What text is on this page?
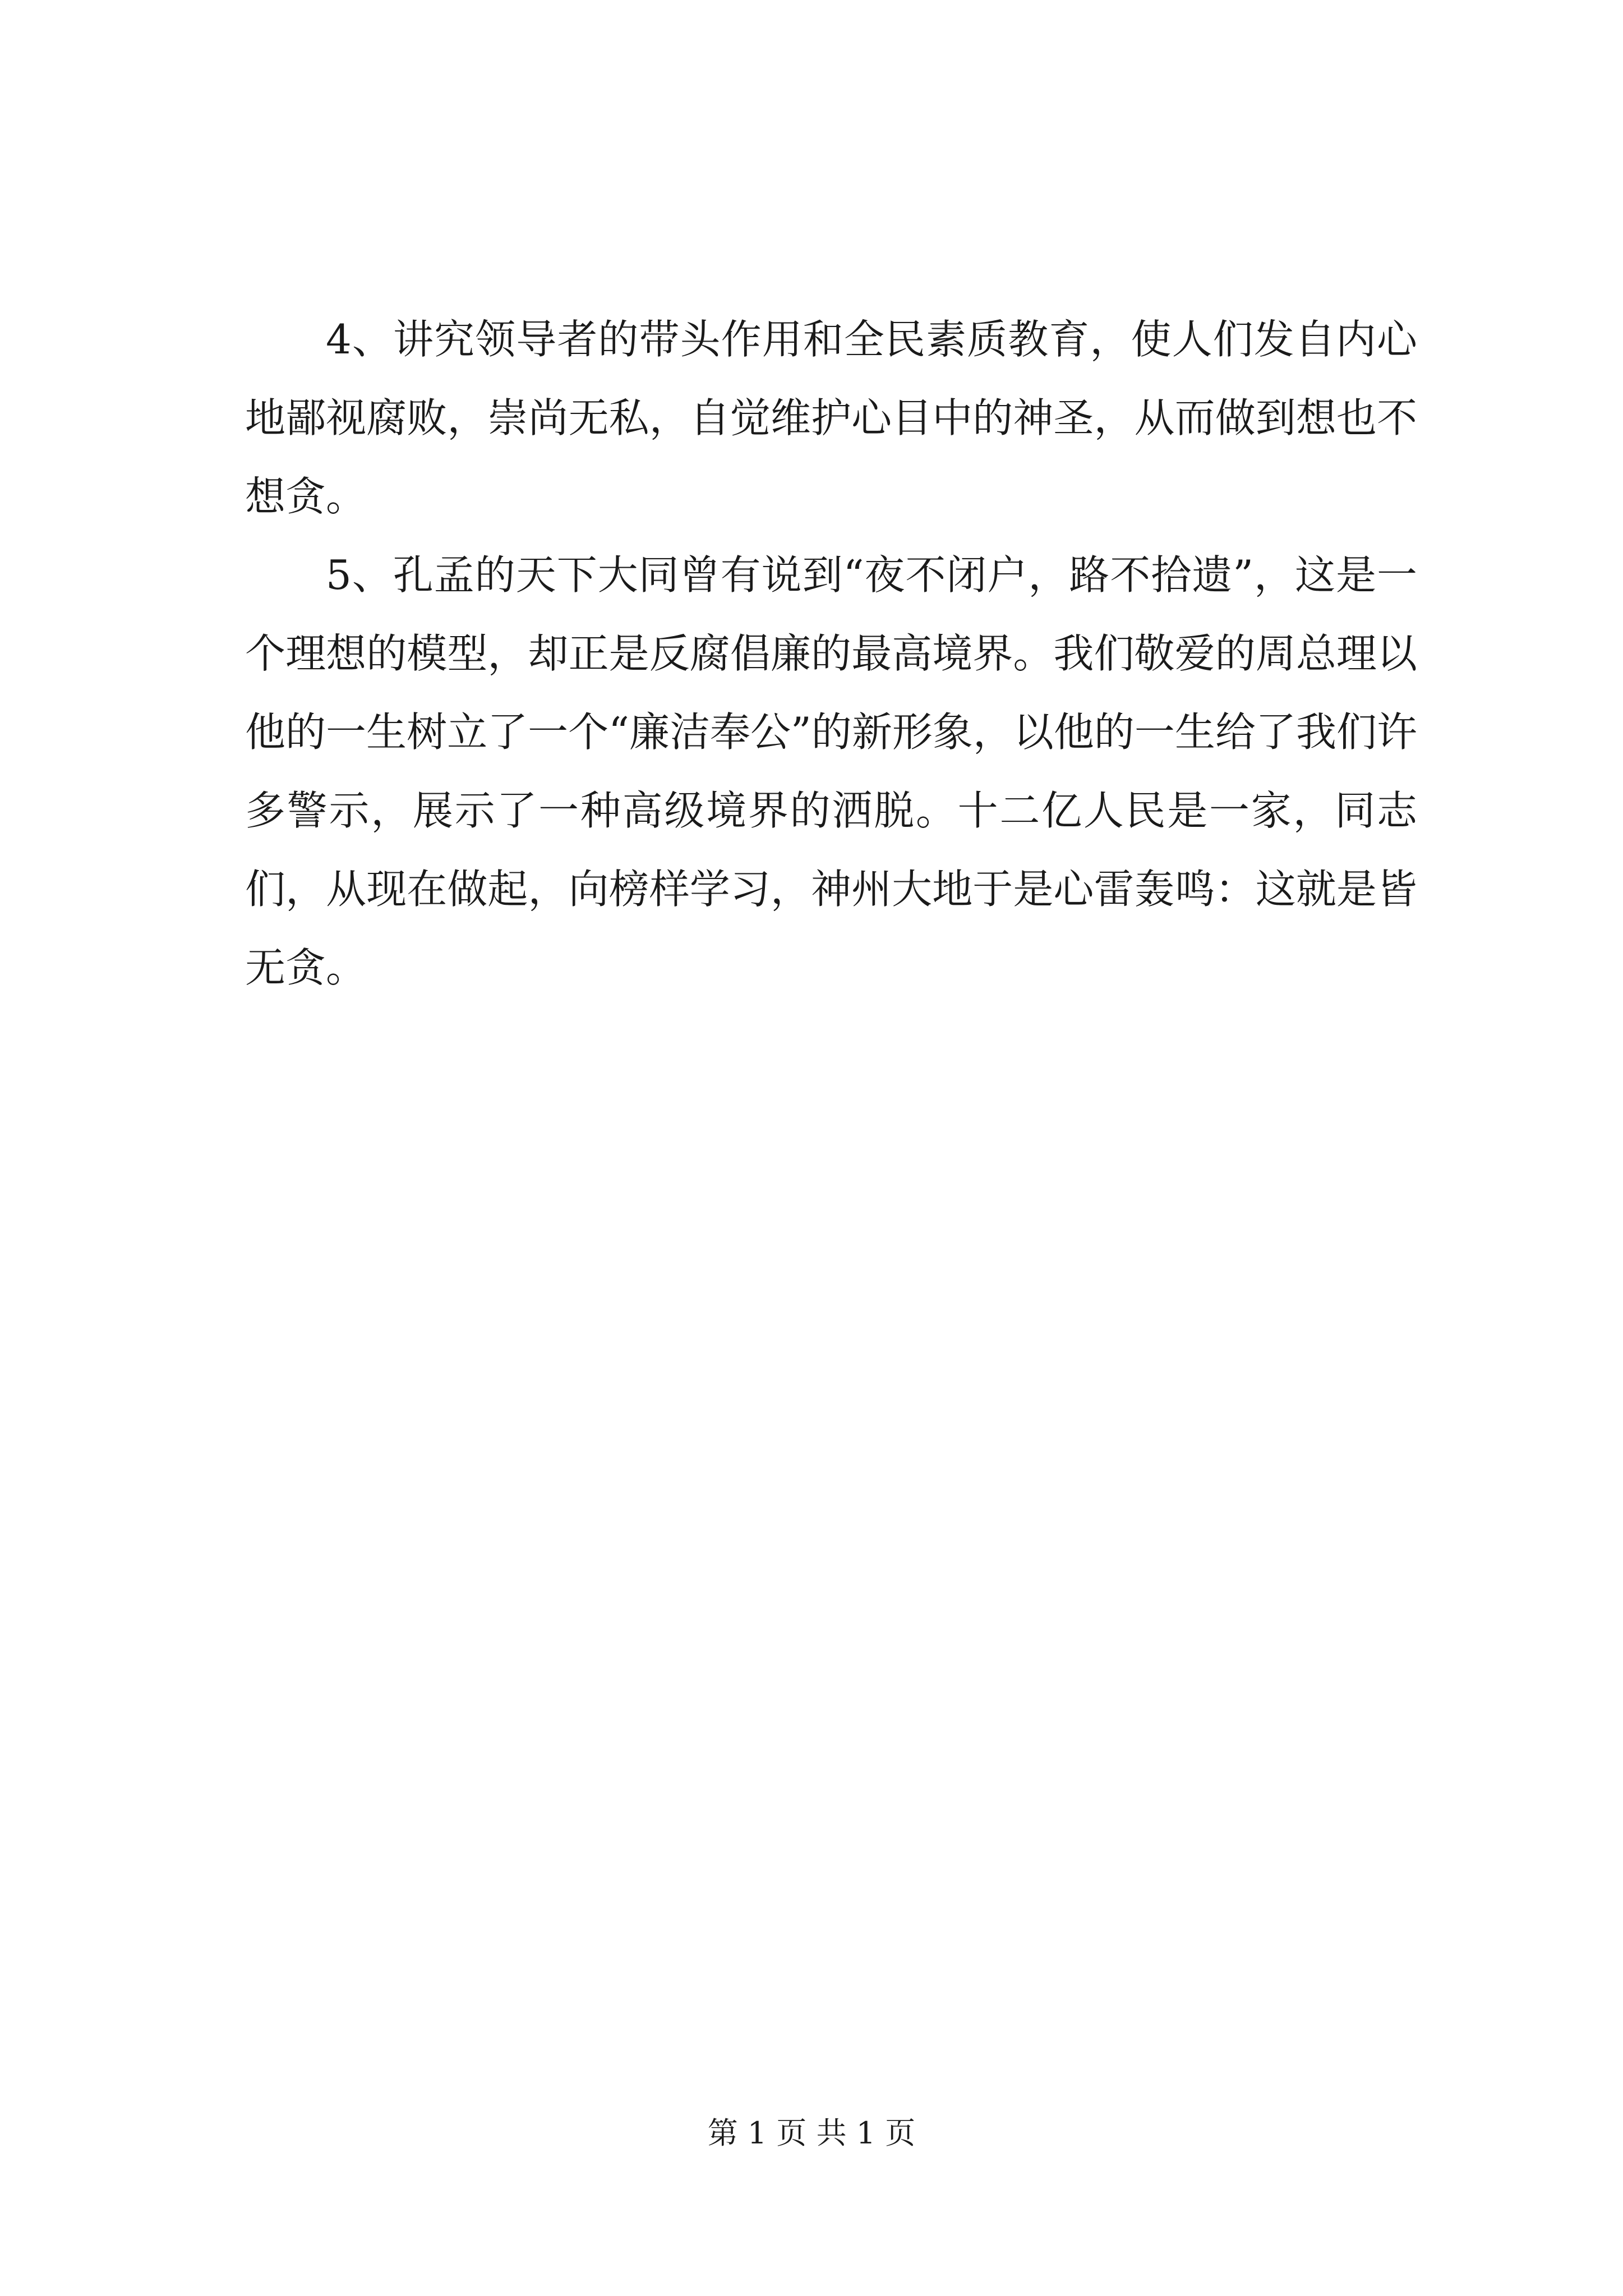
4、讲究领导者的带头作用和全民素质教育，使人们发自内心地鄙视腐败，崇尚无私，自觉维护心目中的神圣，从而做到想也不想贪。

5、孔孟的天下大同曾有说到“夜不闭户，路不拾遗”，这是一个理想的模型，却正是反腐倡廉的最高境界。我们敬爱的周总理以他的一生树立了一个“廉洁奉公”的新形象，以他的一生给了我们许多警示，展示了一种高级境界的洒脱。十二亿人民是一家，同志们，从现在做起，向榜样学习，神州大地于是心雷轰鸣：这就是皆无贪。

第 1 页 共 1 页
